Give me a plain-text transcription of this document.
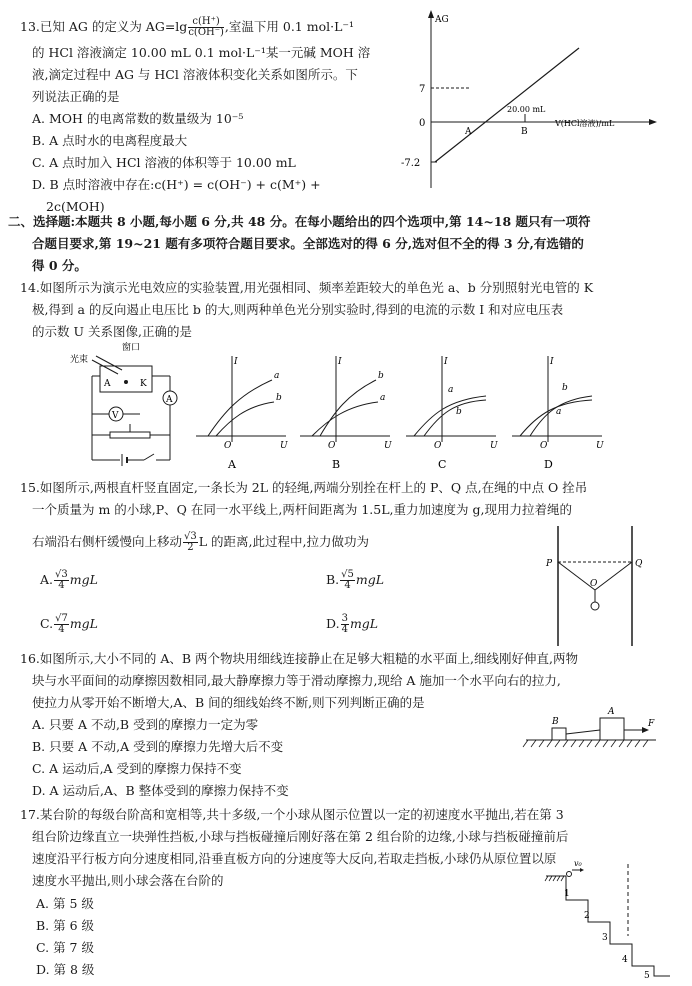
13.已知 AG 的定义为 $AG=\lg \frac{c(H^+)}{c(OH^-)}$ ,室温下用 0.1 mol·L⁻¹
的 HCl 溶液滴定 10.00 mL 0.1 mol·L⁻¹某一元碱 MOH 溶
液,滴定过程中 AG 与 HCl 溶液体积变化关系如图所示。下
列说法正确的是
A. MOH 的电离常数的数量级为 10⁻⁵
B. A 点时水的电离程度最大
C. A 点时加入 HCl 溶液的体积等于 10.00 mL
D. B 点时溶液中存在:c(H⁺) = c(OH⁻) + c(M⁺) +
2c(MOH)
AG
7
0
-7.2
A	B
20.00 mL
V(HCl溶液)/mL
二、选择题:本题共 8 小题,每小题 6 分,共 48 分。在每小题给出的四个选项中,第 14~18 题只有一项符
合题目要求,第 19~21 题有多项符合题目要求。全部选对的得 6 分,选对但不全的得 3 分,有选错的
得 0 分。
14.如图所示为演示光电效应的实验装置,用光强相同、频率差距较大的单色光 a、b 分别照射光电管的 K
极,得到 a 的反向遏止电压比 b 的大,则两种单色光分别实验时,得到的电流的示数 I 和对应电压表
的示数 U 关系图像,正确的是
窗口
光束
A	K
V
A
I
U
O
a
b
A
I
U
O
b
a
B
I
U
O
a
b
C
I
U
O
b
a
D
15.如图所示,两根直杆竖直固定,一条长为 2L 的轻绳,两端分别拴在杆上的 P、Q 点,在绳的中点 O 拴吊
一个质量为 m 的小球,P、Q 在同一水平线上,两杆间距离为 1.5L,重力加速度为 g,现用力拉着绳的
右端沿右侧杆缓慢向上移动 $\frac{√3}{2}$ L 的距离,此过程中,拉力做功为
A. $\frac{√3}{4}$ mgL	B. $\frac{√5}{4}$ mgL
C. $\frac{√7}{4}$ mgL	D. $\frac{3}{4}$ mgL
P	Q
O
16.如图所示,大小不同的 A、B 两个物块用细线连接静止在足够大粗糙的水平面上,细线刚好伸直,两物
块与水平面间的动摩擦因数相同,最大静摩擦力等于滑动摩擦力,现给 A 施加一个水平向右的拉力,
使拉力从零开始不断增大,A、B 间的细线始终不断,则下列判断正确的是
A. 只要 A 不动,B 受到的摩擦力一定为零
B. 只要 A 不动,A 受到的摩擦力先增大后不变
C. A 运动后,A 受到的摩擦力保持不变
D. A 运动后,A、B 整体受到的摩擦力保持不变
B
A
F
17.某台阶的每级台阶高和宽相等,共十多级,一个小球从图示位置以一定的初速度水平抛出,若在第 3
组台阶边缘直立一块弹性挡板,小球与挡板碰撞后刚好落在第 2 组台阶的边缘,小球与挡板碰撞前后
速度沿平行板方向分速度相同,沿垂直板方向的分速度等大反向,若取走挡板,小球仍从原位置以原
速度水平抛出,则小球会落在台阶的
A. 第 5 级
B. 第 6 级
C. 第 7 级
D. 第 8 级
v₀
1
2
3
4
5
